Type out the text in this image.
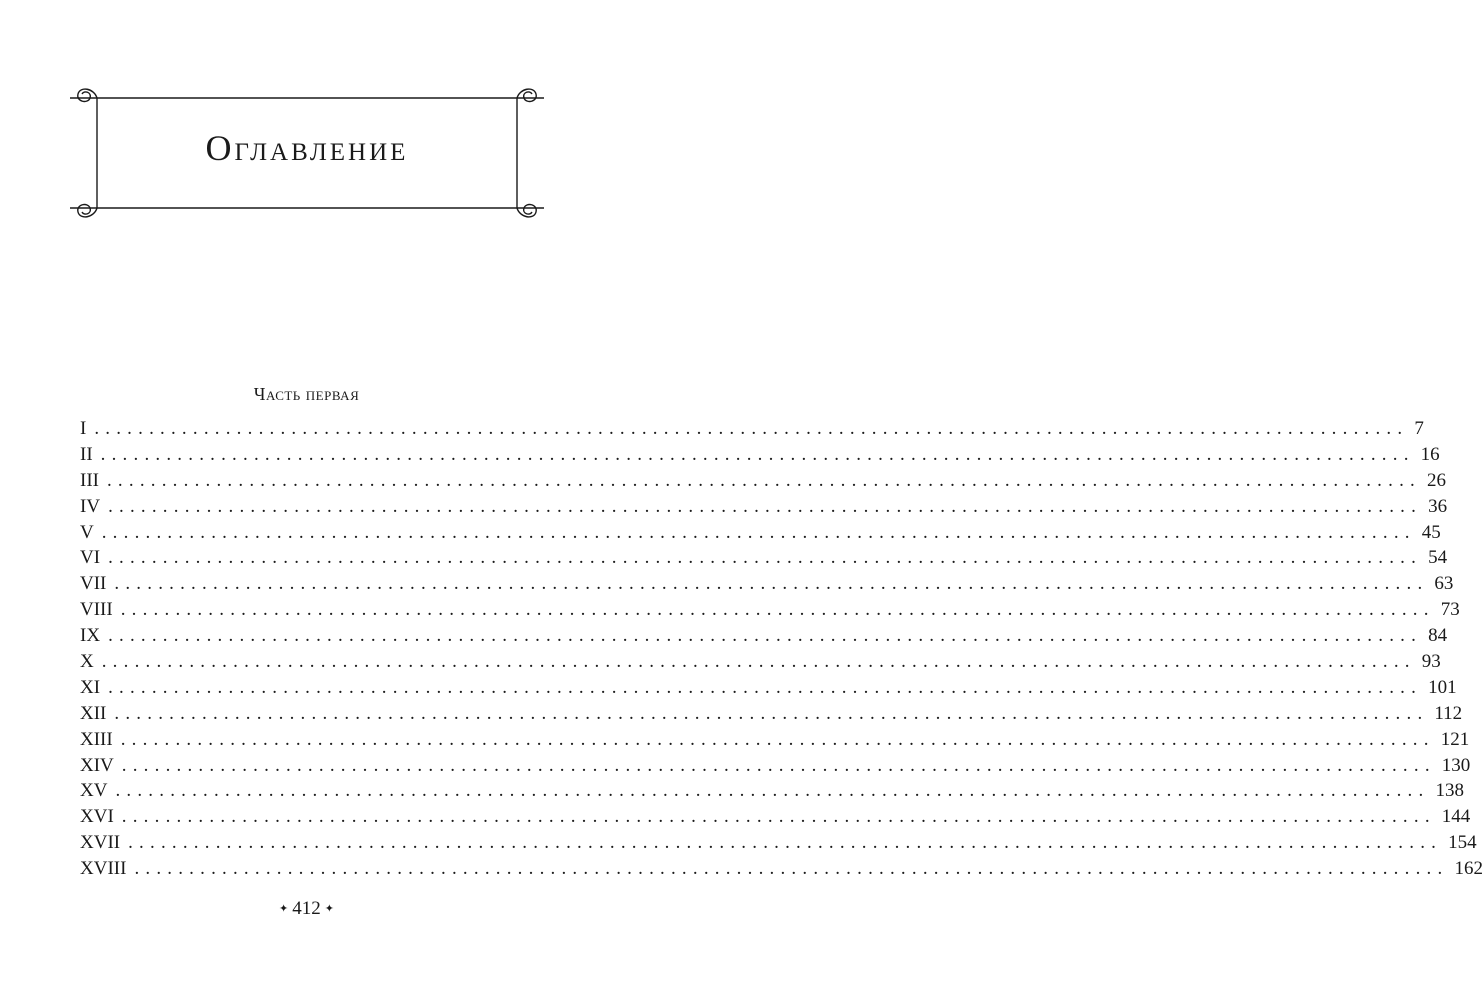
Оглавление
Часть первая
I ........................................................................................................................ 7
II ........................................................................................................................ 16
III ........................................................................................................................ 26
IV ........................................................................................................................ 36
V ........................................................................................................................ 45
VI ........................................................................................................................ 54
VII ........................................................................................................................ 63
VIII ........................................................................................................................ 73
IX ........................................................................................................................ 84
X ........................................................................................................................ 93
XI ........................................................................................................................ 101
XII ........................................................................................................................ 112
XIII ........................................................................................................................ 121
XIV ........................................................................................................................ 130
XV ........................................................................................................................ 138
XVI ........................................................................................................................ 144
XVII ........................................................................................................................ 154
XVIII ........................................................................................................................ 162
✦ 412 ✦
